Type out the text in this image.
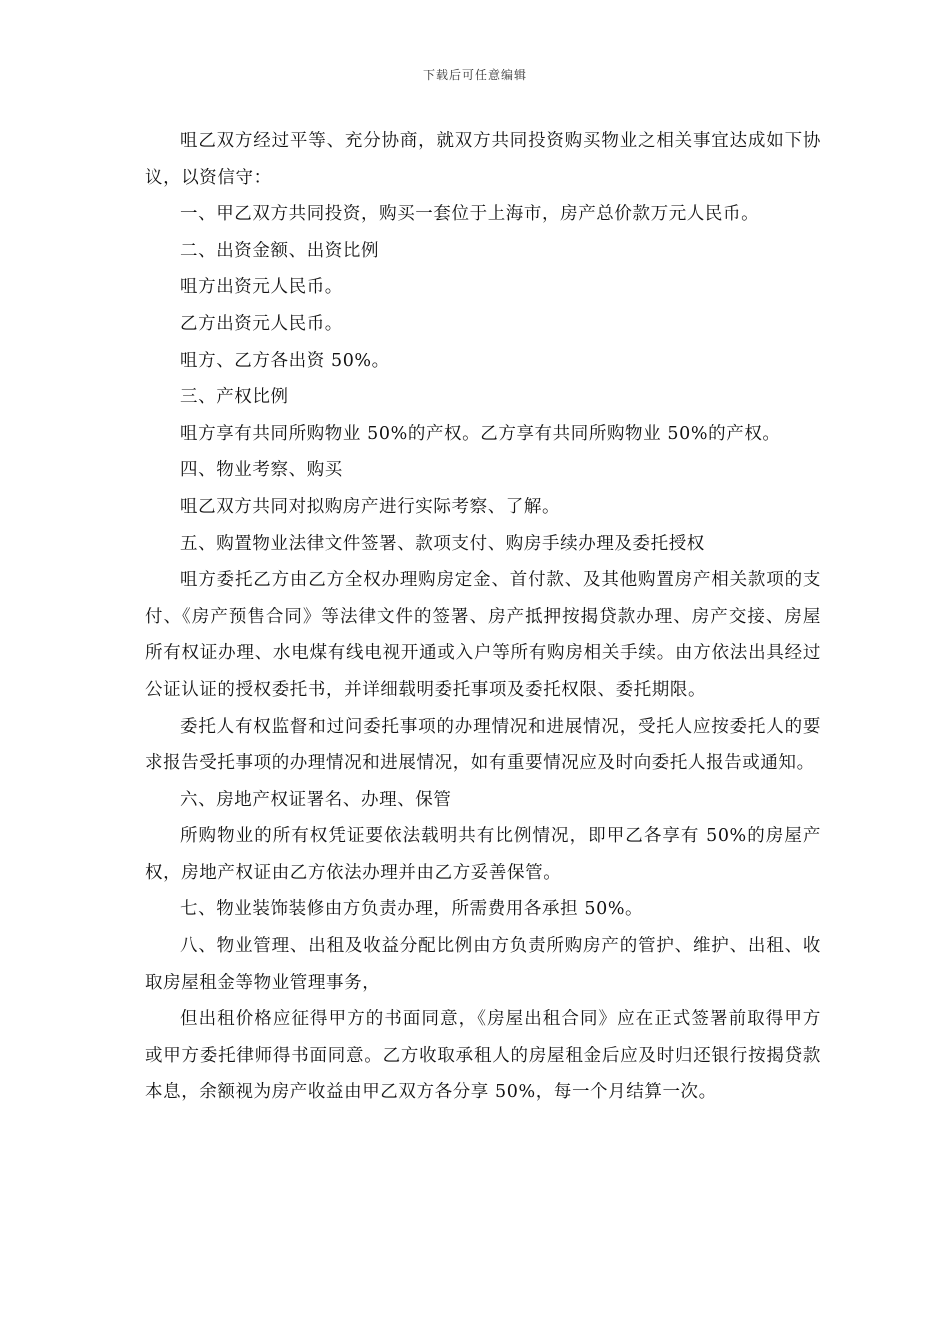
下载后可任意编辑

咀乙双方经过平等、充分协商，就双方共同投资购买物业之相关事宜达成如下协议，以资信守：

一、甲乙双方共同投资，购买一套位于上海市，房产总价款万元人民币。

二、出资金额、出资比例

咀方出资元人民币。

乙方出资元人民币。

咀方、乙方各出资 50%。

三、产权比例

咀方享有共同所购物业 50%的产权。乙方享有共同所购物业 50%的产权。

四、物业考察、购买

咀乙双方共同对拟购房产进行实际考察、了解。

五、购置物业法律文件签署、款项支付、购房手续办理及委托授权

咀方委托乙方由乙方全权办理购房定金、首付款、及其他购置房产相关款项的支付、《房产预售合同》等法律文件的签署、房产抵押按揭贷款办理、房产交接、房屋所有权证办理、水电煤有线电视开通或入户等所有购房相关手续。由方依法出具经过公证认证的授权委托书，并详细载明委托事项及委托权限、委托期限。

委托人有权监督和过问委托事项的办理情况和进展情况，受托人应按委托人的要求报告受托事项的办理情况和进展情况，如有重要情况应及时向委托人报告或通知。

六、房地产权证署名、办理、保管

所购物业的所有权凭证要依法载明共有比例情况，即甲乙各享有 50%的房屋产权，房地产权证由乙方依法办理并由乙方妥善保管。

七、物业装饰装修由方负责办理，所需费用各承担 50%。

八、物业管理、出租及收益分配比例由方负责所购房产的管护、维护、出租、收取房屋租金等物业管理事务，

但出租价格应征得甲方的书面同意，《房屋出租合同》应在正式签署前取得甲方或甲方委托律师得书面同意。乙方收取承租人的房屋租金后应及时归还银行按揭贷款本息，余额视为房产收益由甲乙双方各分享 50%，每一个月结算一次。
